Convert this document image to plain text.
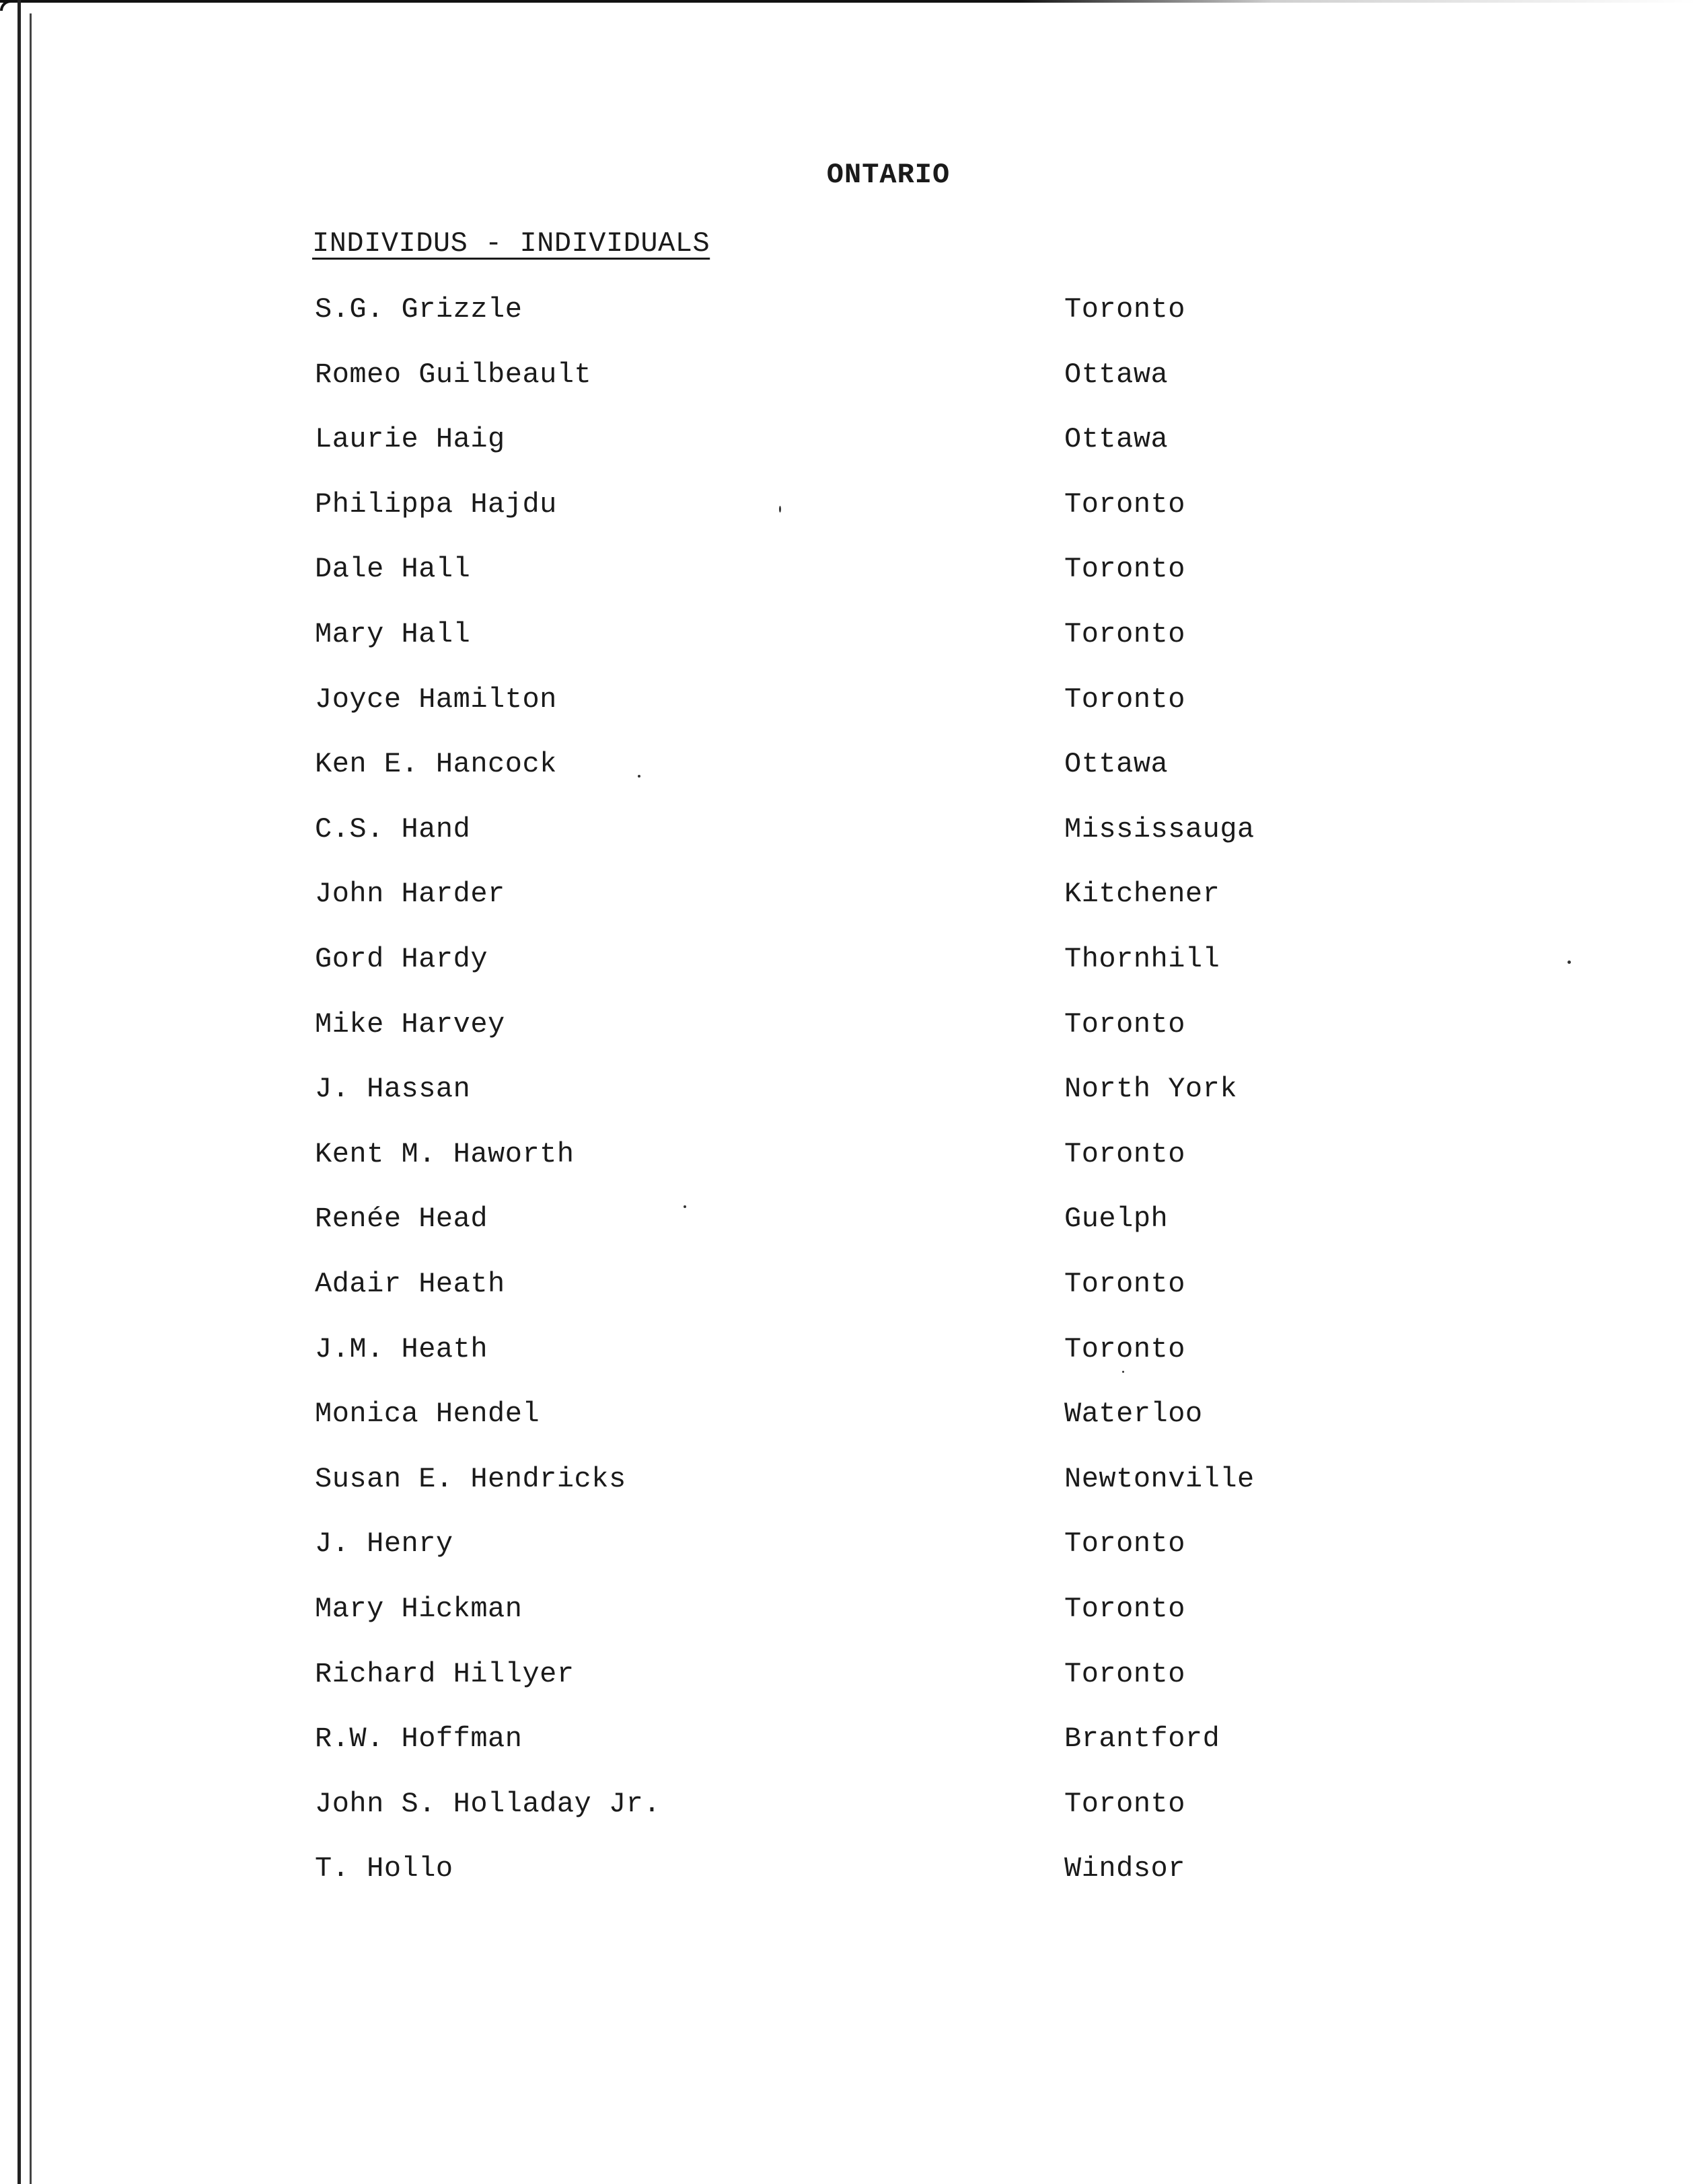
ONTARIO
INDIVIDUS - INDIVIDUALS
S.G. Grizzle	Toronto
Romeo Guilbeault	Ottawa
Laurie Haig	Ottawa
Philippa Hajdu	Toronto
Dale Hall	Toronto
Mary Hall	Toronto
Joyce Hamilton	Toronto
Ken E. Hancock	Ottawa
C.S. Hand	Mississauga
John Harder	Kitchener
Gord Hardy	Thornhill
Mike Harvey	Toronto
J. Hassan	North York
Kent M. Haworth	Toronto
Renée Head	Guelph
Adair Heath	Toronto
J.M. Heath	Toronto
Monica Hendel	Waterloo
Susan E. Hendricks	Newtonville
J. Henry	Toronto
Mary Hickman	Toronto
Richard Hillyer	Toronto
R.W. Hoffman	Brantford
John S. Holladay Jr.	Toronto
T. Hollo	Windsor
